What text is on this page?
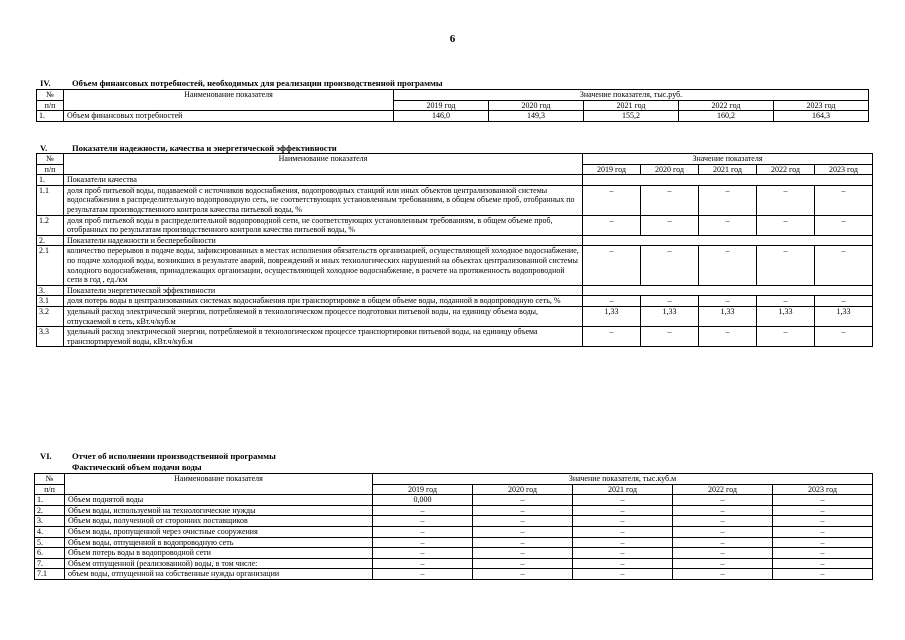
6
IV. Объем финансовых потребностей, необходимых для реализации производственной программы
№	Наименование показателя	Значение показателя, тыс.руб.				
п/п		2019 год	2020 год	2021 год	2022 год	2023 год
1.	Объем финансовых потребностей	146,0	149,3	155,2	160,2	164,3
V.	Показатели надежности, качества и энергетической эффективности
№	Наименование показателя	Значение показателя				
п/п		2019 год	2020 год	2021 год	2022 год	2023 год
1.	Показатели качества					
1.1	доля проб питьевой воды, подаваемой с источников водоснабжения, водопроводных станций или иных объектов централизованной системы водоснабжения в распределительную водопроводную сеть, не соответствующих установленным требованиям, в общем объеме проб, отобранных по результатам производственного контроля качества питьевой воды, %	–	–	–	–	–
1.2	доля проб питьевой воды в распределительной водопроводной сети, не соответствующих установленным требованиям, в общем объеме проб, отобранных по результатам производственного контроля качества питьевой воды, %	–	–	–	–	–
2.	Показатели надежности и бесперебойности					
2.1	количество перерывов в подаче воды, зафиксированных в местах исполнения обязательств организацией, осуществляющей холодное водоснабжение, по подаче холодной воды, возникших в результате аварий, повреждений и иных технологических нарушений на объектах централизованной системы холодного водоснабжения, принадлежащих организации, осуществляющей холодное водоснабжение, в расчете на протяженность водопроводной сети в год , ед./км	–	–	–	–	–
3.	Показатели энергетической эффективности					
3.1	доля потерь воды в централизованных системах водоснабжения при транспортировке в общем объеме воды, поданной в водопроводную сеть, %	–	–	–	–	–
3.2	удельный расход электрической энергии, потребляемой в технологическом процессе подготовки питьевой воды, на единицу объема воды, отпускаемой в сеть, кВт.ч/куб.м	1,33	1,33	1,33	1,33	1,33
3.3	удельный расход электрической энергии, потребляемой в технологическом процессе транспортировки питьевой воды, на единицу объема транспортируемой воды, кВт.ч/куб.м	–	–	–	–	–
VI. Отчет об исполнении производственной программы
Фактический объем подачи воды
№	Наименование показателя	Значение показателя, тыс.куб.м				
п/п		2019 год	2020 год	2021 год	2022 год	2023 год
1.	Объем поднятой воды	0,000	–	–	–	–
2.	Объем воды, используемой на технологические нужды	–	–	–	–	–
3.	Объем воды, полученной от сторонних поставщиков	–	–	–	–	–
4.	Объем воды, пропущенной через очистные сооружения	–	–	–	–	–
5.	Объем воды, отпущенной в водопроводную сеть	–	–	–	–	–
6.	Объем потерь воды в водопроводной сети	–	–	–	–	–
7.	Объем отпущенной (реализованной) воды, в том числе:	–	–	–	–	–
7.1	объем воды, отпущенной на собственные нужды организации	–	–	–	–	–
